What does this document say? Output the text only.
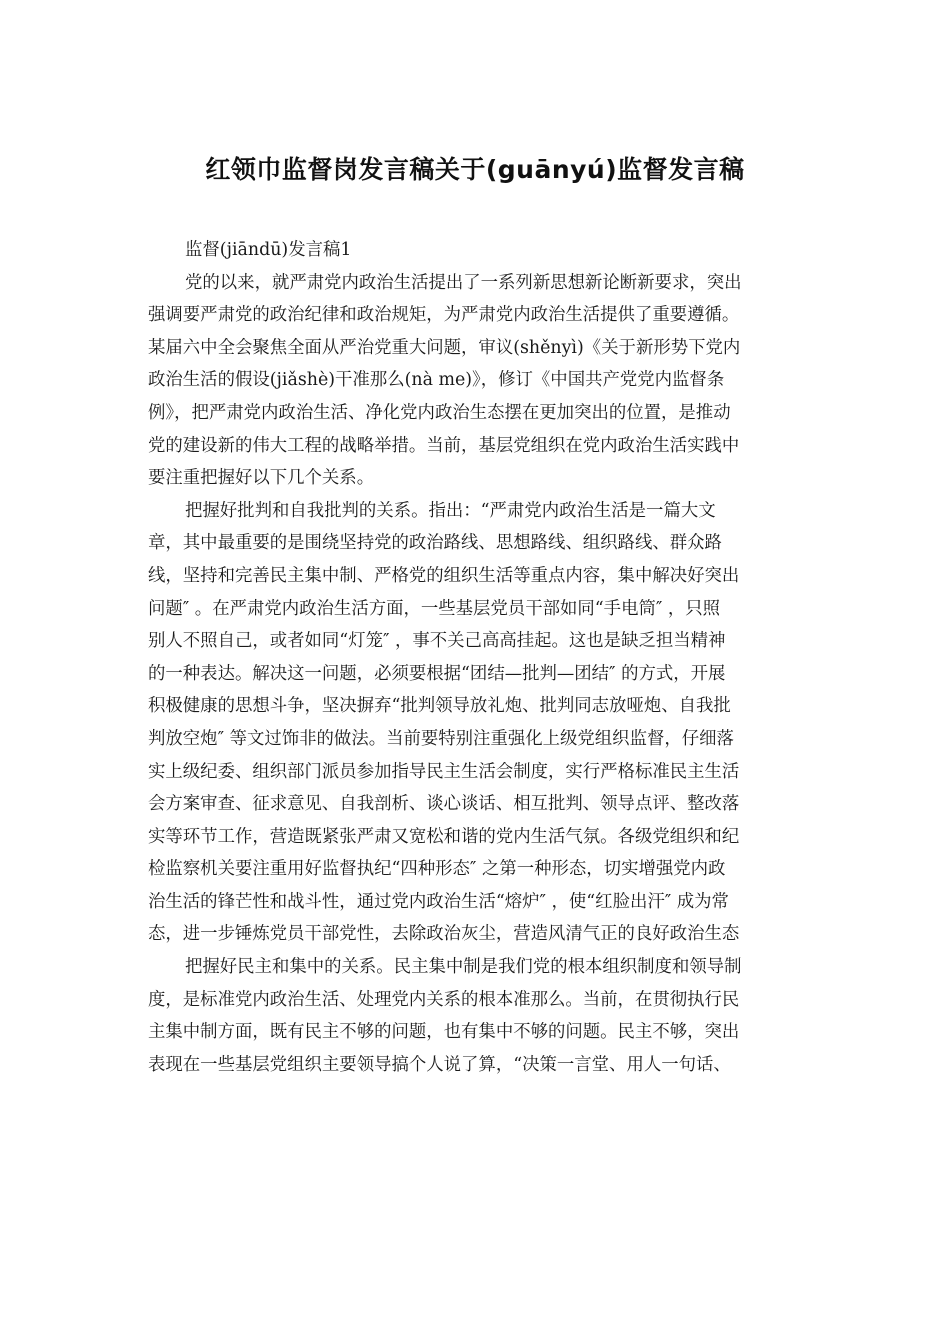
红领巾监督岗发言稿关于(guānyú)监督发言稿
监督(jiāndū)发言稿1
党的以来，就严肃党内政治生活提出了一系列新思想新论断新要求，突出
强调要严肃党的政治纪律和政治规矩，为严肃党内政治生活提供了重要遵循。
某届六中全会聚焦全面从严治党重大问题，审议(shěnyì)《关于新形势下党内
政治生活的假设(jiǎshè)干准那么(nà me)》，修订《中国共产党党内监督条
例》，把严肃党内政治生活、净化党内政治生态摆在更加突出的位置，是推动
党的建设新的伟大工程的战略举措。当前，基层党组织在党内政治生活实践中
要注重把握好以下几个关系。
把握好批判和自我批判的关系。指出：“严肃党内政治生活是一篇大文
章，其中最重要的是围绕坚持党的政治路线、思想路线、组织路线、群众路
线，坚持和完善民主集中制、严格党的组织生活等重点内容，集中解决好突出
问题″ 。在严肃党内政治生活方面，一些基层党员干部如同“手电筒″ ，只照
别人不照自己，或者如同“灯笼″ ，事不关己高高挂起。这也是缺乏担当精神
的一种表达。解决这一问题，必须要根据“团结—批判—团结″ 的方式，开展
积极健康的思想斗争，坚决摒弃“批判领导放礼炮、批判同志放哑炮、自我批
判放空炮″ 等文过饰非的做法。当前要特别注重强化上级党组织监督，仔细落
实上级纪委、组织部门派员参加指导民主生活会制度，实行严格标准民主生活
会方案审查、征求意见、自我剖析、谈心谈话、相互批判、领导点评、整改落
实等环节工作，营造既紧张严肃又宽松和谐的党内生活气氛。各级党组织和纪
检监察机关要注重用好监督执纪“四种形态″ 之第一种形态，切实增强党内政
治生活的锋芒性和战斗性，通过党内政治生活“熔炉″ ，使“红脸出汗″ 成为常
态，进一步锤炼党员干部党性，去除政治灰尘，营造风清气正的良好政治生态
把握好民主和集中的关系。民主集中制是我们党的根本组织制度和领导制
度，是标准党内政治生活、处理党内关系的根本准那么。当前，在贯彻执行民
主集中制方面，既有民主不够的问题，也有集中不够的问题。民主不够，突出
表现在一些基层党组织主要领导搞个人说了算，“决策一言堂、用人一句话、
